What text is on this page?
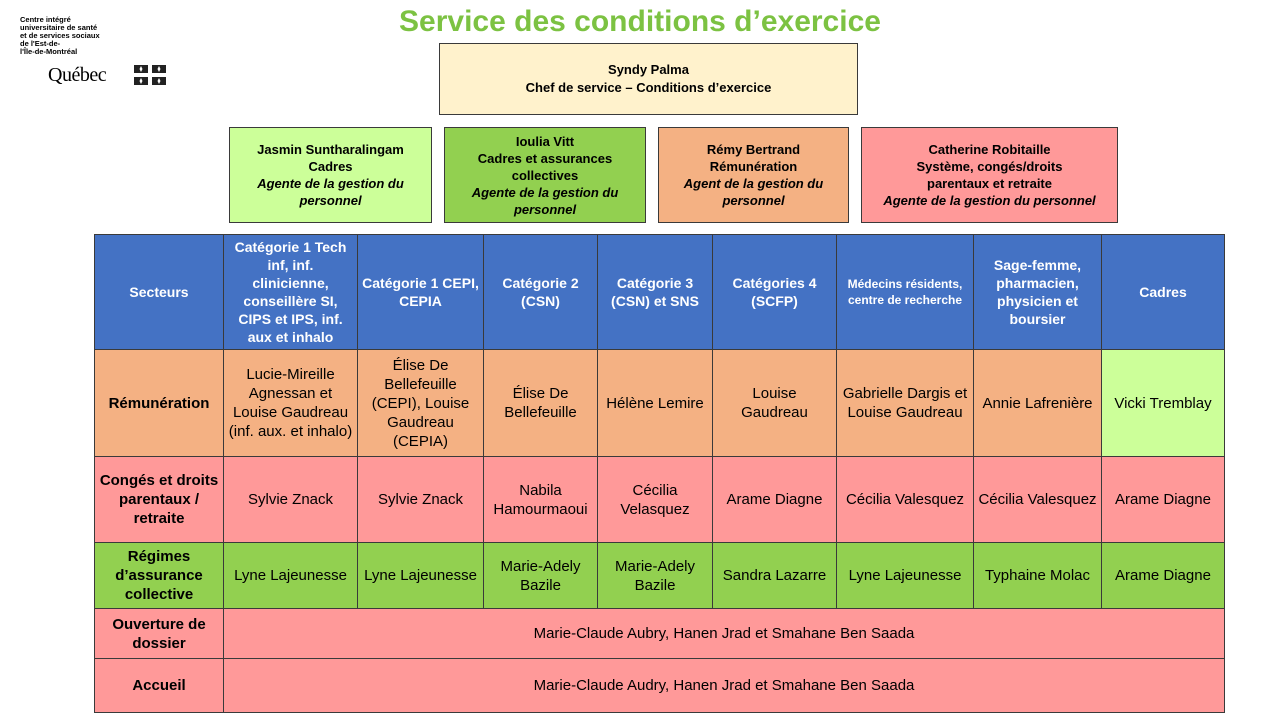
Centre intégré
universitaire de santé
et de services sociaux
de l'Est-de-
l'Île-de-Montréal
Québec
Service des conditions d’exercice
Syndy Palma
Chef de service – Conditions d’exercice
Jasmin Suntharalingam
Cadres
Agente de la gestion du personnel
Ioulia Vitt
Cadres et assurances collectives
Agente de la gestion du personnel
Rémy Bertrand
Rémunération
Agent de la gestion du personnel
Catherine Robitaille
Système, congés/droits parentaux et retraite
Agente de la gestion du personnel
Secteurs	Catégorie 1 Tech inf, inf. clinicienne, conseillère SI, CIPS et IPS, inf. aux et inhalo	Catégorie 1 CEPI, CEPIA	Catégorie 2 (CSN)	Catégorie 3 (CSN) et SNS	Catégories 4 (SCFP)	Médecins résidents, centre de recherche	Sage-femme, pharmacien, physicien et boursier	Cadres
Rémunération	Lucie-Mireille Agnessan et Louise Gaudreau (inf. aux. et inhalo)	Élise De Bellefeuille (CEPI), Louise Gaudreau (CEPIA)	Élise De Bellefeuille	Hélène Lemire	Louise Gaudreau	Gabrielle Dargis et Louise Gaudreau	Annie Lafrenière	Vicki Tremblay
Congés et droits parentaux / retraite	Sylvie Znack	Sylvie Znack	Nabila Hamourmaoui	Cécilia Velasquez	Arame Diagne	Cécilia Valesquez	Cécilia Valesquez	Arame Diagne
Régimes d’assurance collective	Lyne Lajeunesse	Lyne Lajeunesse	Marie-Adely Bazile	Marie-Adely Bazile	Sandra Lazarre	Lyne Lajeunesse	Typhaine Molac	Arame Diagne
Ouverture de dossier	Marie-Claude Aubry, Hanen Jrad et Smahane Ben Saada							
Accueil	Marie-Claude Audry, Hanen Jrad et Smahane Ben Saada							
